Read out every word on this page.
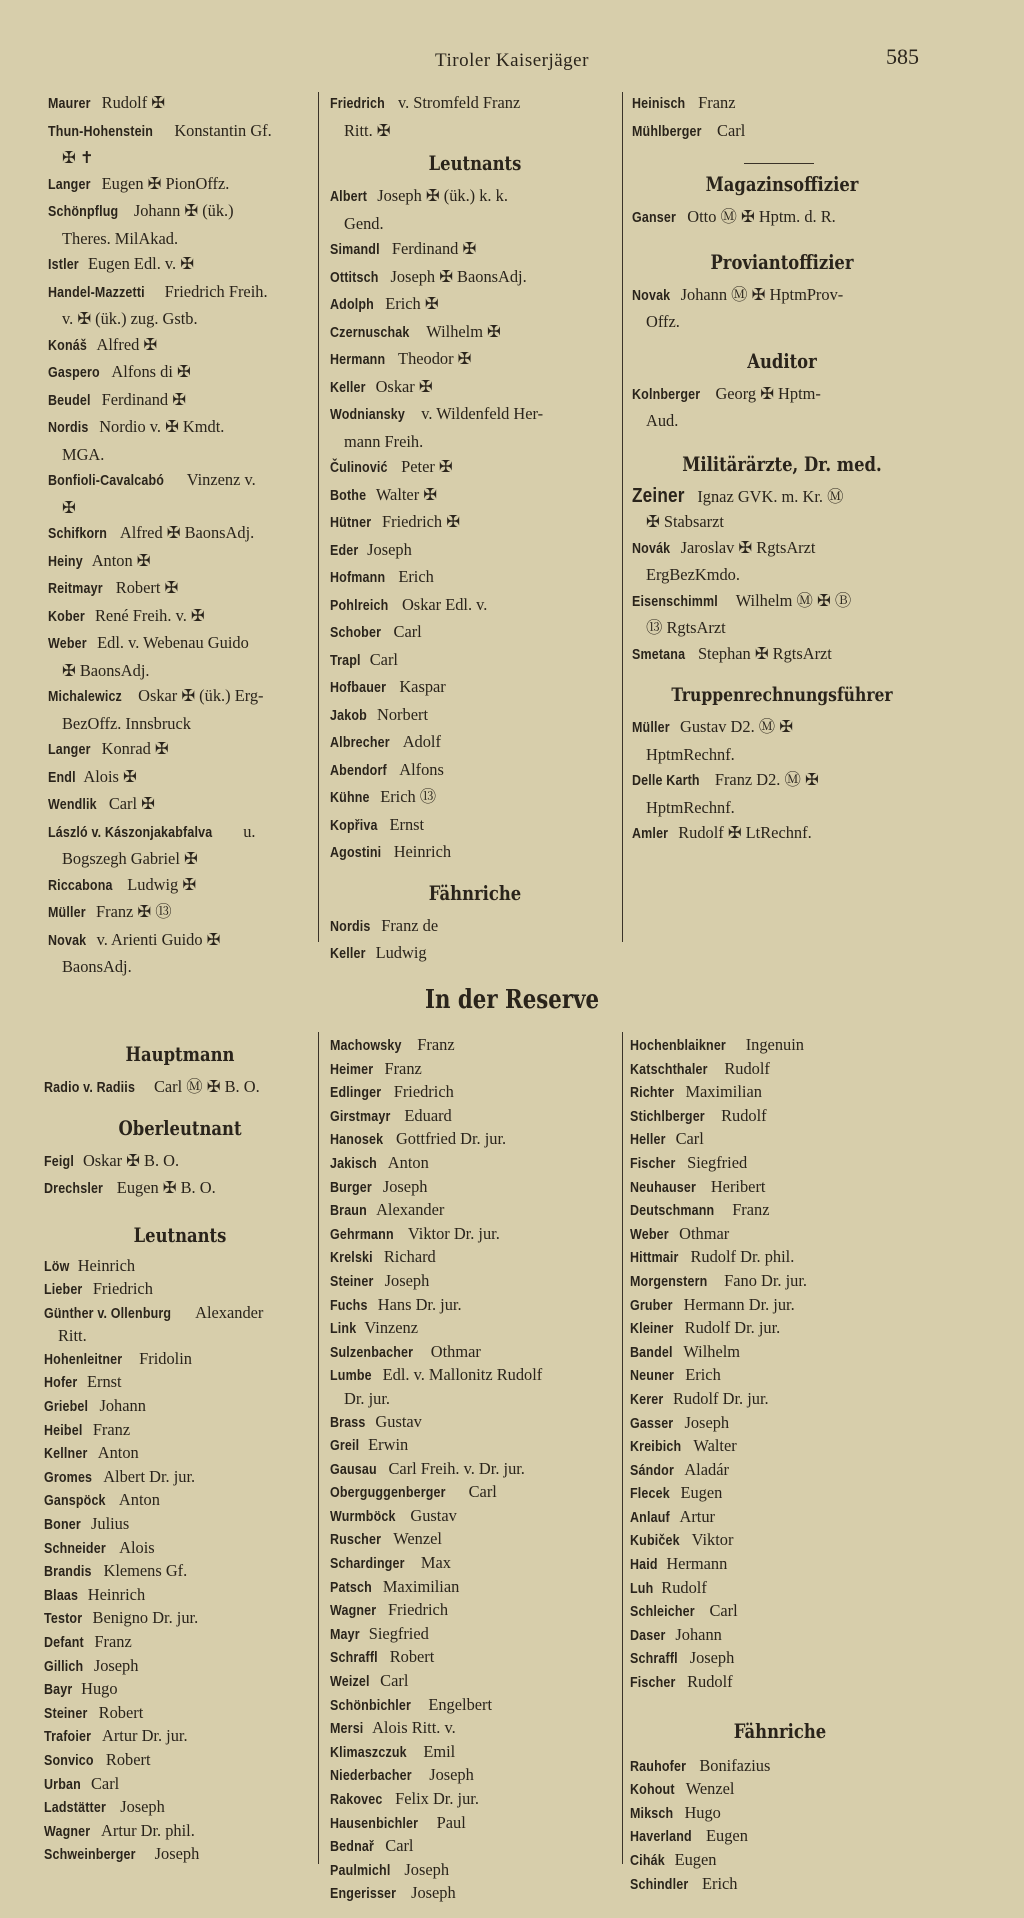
Tiroler Kaiserjäger	585
Maurer Rudolf ✠
Thun-Hohenstein Konstantin Gf.
✠ ✝
Langer Eugen ✠ PionOffz.
Schönpflug Johann ✠ (ük.)
Theres. MilAkad.
Istler Eugen Edl. v. ✠
Handel-Mazzetti Friedrich Freih.
v. ✠ (ük.) zug. Gstb.
Konáš Alfred ✠
Gaspero Alfons di ✠
Beudel Ferdinand ✠
Nordis Nordio v. ✠ Kmdt.
MGA.
Bonfioli-Cavalcabó Vinzenz v.
✠
Schifkorn Alfred ✠ BaonsAdj.
Heiny Anton ✠
Reitmayr Robert ✠
Kober René Freih. v. ✠
Weber Edl. v. Webenau Guido
✠ BaonsAdj.
Michalewicz Oskar ✠ (ük.) Erg-
BezOffz. Innsbruck
Langer Konrad ✠
Endl Alois ✠
Wendlik Carl ✠
László v. Kászonjakabfalva u.
Bogszegh Gabriel ✠
Riccabona Ludwig ✠
Müller Franz ✠ ⑬
Novak v. Arienti Guido ✠
BaonsAdj.
Friedrich v. Stromfeld Franz
Ritt. ✠
Leutnants
Albert Joseph ✠ (ük.) k. k.
Gend.
Simandl Ferdinand ✠
Ottitsch Joseph ✠ BaonsAdj.
Adolph Erich ✠
Czernuschak Wilhelm ✠
Hermann Theodor ✠
Keller Oskar ✠
Wodniansky v. Wildenfeld Her-
mann Freih.
Čulinović Peter ✠
Bothe Walter ✠
Hütner Friedrich ✠
Eder Joseph
Hofmann Erich
Pohlreich Oskar Edl. v.
Schober Carl
Trapl Carl
Hofbauer Kaspar
Jakob Norbert
Albrecher Adolf
Abendorf Alfons
Kühne Erich ⑬
Kopřiva Ernst
Agostini Heinrich
Fähnriche
Nordis Franz de
Keller Ludwig
Heinisch Franz
Mühlberger Carl
Magazinsoffizier
Ganser Otto Ⓜ ✠ Hptm. d. R.
Proviantoffizier
Novak Johann Ⓜ ✠ HptmProv-
Offz.
Auditor
Kolnberger Georg ✠ Hptm-
Aud.
Militärärzte, Dr. med.
Zeiner Ignaz GVK. m. Kr. Ⓜ
✠ Stabsarzt
Novák Jaroslav ✠ RgtsArzt
ErgBezKmdo.
Eisenschimml Wilhelm Ⓜ ✠ Ⓑ
⑬ RgtsArzt
Smetana Stephan ✠ RgtsArzt
Truppenrechnungsführer
Müller Gustav D2. Ⓜ ✠
HptmRechnf.
Delle Karth Franz D2. Ⓜ ✠
HptmRechnf.
Amler Rudolf ✠ LtRechnf.
In der Reserve
Hauptmann
Radio v. Radiis Carl Ⓜ ✠ B. O.
Oberleutnant
Feigl Oskar ✠ B. O.
Drechsler Eugen ✠ B. O.
Leutnants
Löw Heinrich
Lieber Friedrich
Günther v. Ollenburg Alexander
Ritt.
Hohenleitner Fridolin
Hofer Ernst
Griebel Johann
Heibel Franz
Kellner Anton
Gromes Albert Dr. jur.
Ganspöck Anton
Boner Julius
Schneider Alois
Brandis Klemens Gf.
Blaas Heinrich
Testor Benigno Dr. jur.
Defant Franz
Gillich Joseph
Bayr Hugo
Steiner Robert
Trafoier Artur Dr. jur.
Sonvico Robert
Urban Carl
Ladstätter Joseph
Wagner Artur Dr. phil.
Schweinberger Joseph
Machowsky Franz
Heimer Franz
Edlinger Friedrich
Girstmayr Eduard
Hanosek Gottfried Dr. jur.
Jakisch Anton
Burger Joseph
Braun Alexander
Gehrmann Viktor Dr. jur.
Krelski Richard
Steiner Joseph
Fuchs Hans Dr. jur.
Link Vinzenz
Sulzenbacher Othmar
Lumbe Edl. v. Mallonitz Rudolf
Dr. jur.
Brass Gustav
Greil Erwin
Gausau Carl Freih. v. Dr. jur.
Oberguggenberger Carl
Wurmböck Gustav
Ruscher Wenzel
Schardinger Max
Patsch Maximilian
Wagner Friedrich
Mayr Siegfried
Schraffl Robert
Weizel Carl
Schönbichler Engelbert
Mersi Alois Ritt. v.
Klimaszczuk Emil
Niederbacher Joseph
Rakovec Felix Dr. jur.
Hausenbichler Paul
Bednař Carl
Paulmichl Joseph
Engerisser Joseph
Hochenblaikner Ingenuin
Katschthaler Rudolf
Richter Maximilian
Stichlberger Rudolf
Heller Carl
Fischer Siegfried
Neuhauser Heribert
Deutschmann Franz
Weber Othmar
Hittmair Rudolf Dr. phil.
Morgenstern Fano Dr. jur.
Gruber Hermann Dr. jur.
Kleiner Rudolf Dr. jur.
Bandel Wilhelm
Neuner Erich
Kerer Rudolf Dr. jur.
Gasser Joseph
Kreibich Walter
Sándor Aladár
Flecek Eugen
Anlauf Artur
Kubiček Viktor
Haid Hermann
Luh Rudolf
Schleicher Carl
Daser Johann
Schraffl Joseph
Fischer Rudolf
Fähnriche
Rauhofer Bonifazius
Kohout Wenzel
Miksch Hugo
Haverland Eugen
Cihák Eugen
Schindler Erich
